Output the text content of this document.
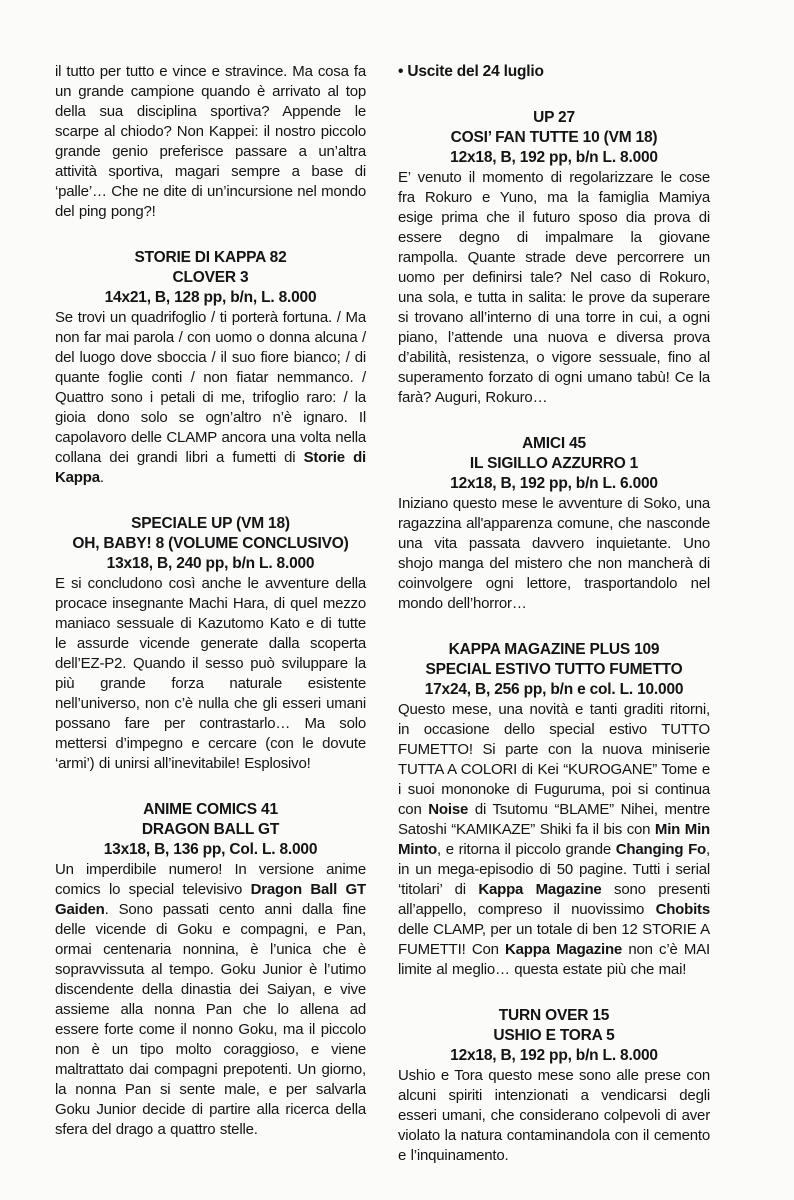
il tutto per tutto e vince e stravince. Ma cosa fa un grande campione quando è arrivato al top della sua disciplina sportiva? Appende le scarpe al chiodo? Non Kappei: il nostro piccolo grande genio preferisce passare a un’altra attività sportiva, magari sempre a base di ‘palle’… Che ne dite di un’incursione nel mondo del ping pong?!

STORIE DI KAPPA 82
CLOVER 3
14x21, B, 128 pp, b/n, L. 8.000

Se trovi un quadrifoglio / ti porterà fortuna. / Ma non far mai parola / con uomo o donna alcuna / del luogo dove sboccia / il suo fiore bianco; / di quante foglie conti / non fiatar nemmanco. / Quattro sono i petali di me, trifoglio raro: / la gioia dono solo se ogn’altro n’è ignaro. Il capolavoro delle CLAMP ancora una volta nella collana dei grandi libri a fumetti di Storie di Kappa.

SPECIALE UP (VM 18)
OH, BABY! 8 (VOLUME CONCLUSIVO)
13x18, B, 240 pp, b/n L. 8.000

E si concludono così anche le avventure della procace insegnante Machi Hara, di quel mezzo maniaco sessuale di Kazutomo Kato e di tutte le assurde vicende generate dalla scoperta dell’EZ-P2. Quando il sesso può sviluppare la più grande forza naturale esistente nell’universo, non c’è nulla che gli esseri umani possano fare per contrastarlo… Ma solo mettersi d’impegno e cercare (con le dovute ‘armi’) di unirsi all’inevitabile! Esplosivo!

ANIME COMICS 41
DRAGON BALL GT
13x18, B, 136 pp, Col. L. 8.000

Un imperdibile numero! In versione anime comics lo special televisivo Dragon Ball GT Gaiden. Sono passati cento anni dalla fine delle vicende di Goku e compagni, e Pan, ormai centenaria nonnina, è l’unica che è sopravvissuta al tempo. Goku Junior è l’utimo discendente della dinastia dei Saiyan, e vive assieme alla nonna Pan che lo allena ad essere forte come il nonno Goku, ma il piccolo non è un tipo molto coraggioso, e viene maltrattato dai compagni prepotenti. Un giorno, la nonna Pan si sente male, e per salvarla Goku Junior decide di partire alla ricerca della sfera del drago a quattro stelle.

• Uscite del 24 luglio

UP 27
COSI’ FAN TUTTE 10 (VM 18)
12x18, B, 192 pp, b/n L. 8.000

E’ venuto il momento di regolarizzare le cose fra Rokuro e Yuno, ma la famiglia Mamiya esige prima che il futuro sposo dia prova di essere degno di impalmare la giovane rampolla. Quante strade deve percorrere un uomo per definirsi tale? Nel caso di Rokuro, una sola, e tutta in salita: le prove da superare si trovano all’interno di una torre in cui, a ogni piano, l’attende una nuova e diversa prova d’abilità, resistenza, o vigore sessuale, fino al superamento forzato di ogni umano tabù! Ce la farà? Auguri, Rokuro…

AMICI 45
IL SIGILLO AZZURRO 1
12x18, B, 192 pp, b/n L. 6.000

Iniziano questo mese le avventure di Soko, una ragazzina all'apparenza comune, che nasconde una vita passata davvero inquietante. Uno shojo manga del mistero che non mancherà di coinvolgere ogni lettore, trasportandolo nel mondo dell’horror…

KAPPA MAGAZINE PLUS 109
SPECIAL ESTIVO TUTTO FUMETTO
17x24, B, 256 pp, b/n e col. L. 10.000

Questo mese, una novità e tanti graditi ritorni, in occasione dello special estivo TUTTO FUMETTO! Si parte con la nuova miniserie TUTTA A COLORI di Kei “KUROGANE” Tome e i suoi mononoke di Fuguruma, poi si continua con Noise di Tsutomu “BLAME” Nihei, mentre Satoshi “KAMIKAZE” Shiki fa il bis con Min Min Minto, e ritorna il piccolo grande Changing Fo, in un mega-episodio di 50 pagine. Tutti i serial ‘titolari’ di Kappa Magazine sono presenti all’appello, compreso il nuovissimo Chobits delle CLAMP, per un totale di ben 12 STORIE A FUMETTI! Con Kappa Magazine non c’è MAI limite al meglio… questa estate più che mai!

TURN OVER 15
USHIO E TORA 5
12x18, B, 192 pp, b/n L. 8.000

Ushio e Tora questo mese sono alle prese con alcuni spiriti intenzionati a vendicarsi degli esseri umani, che considerano colpevoli di aver violato la natura contaminandola con il cemento e l’inquinamento.
